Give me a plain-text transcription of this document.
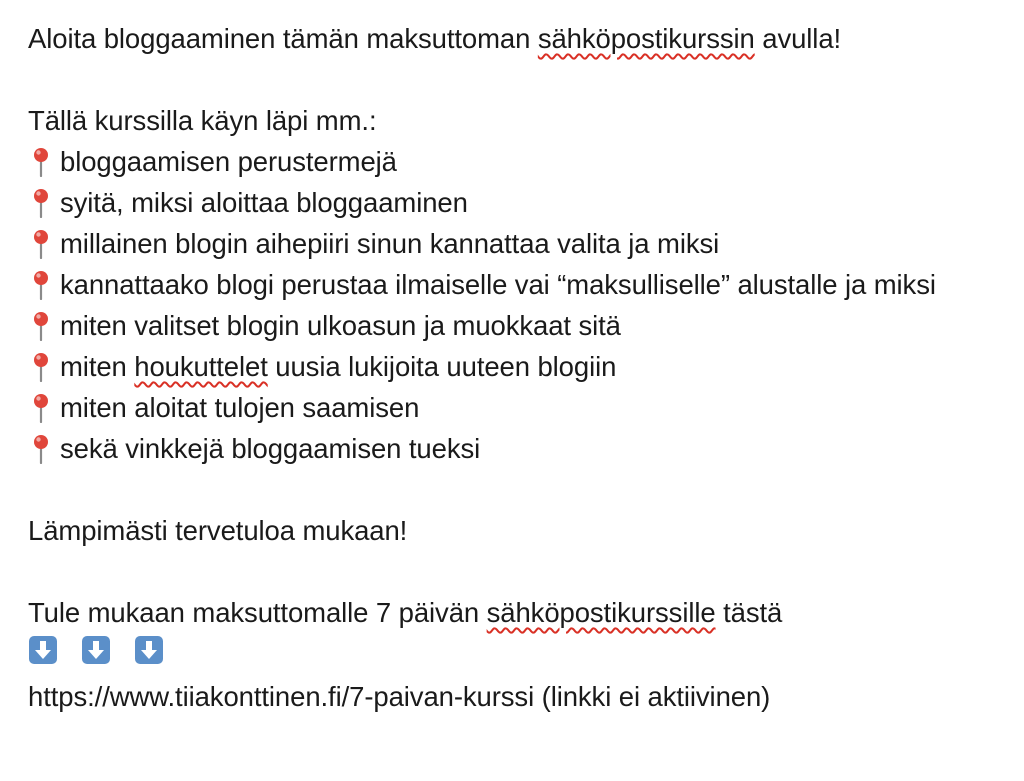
Aloita bloggaaminen tämän maksuttoman sähköpostikurssin avulla!
Tällä kurssilla käyn läpi mm.:
bloggaamisen perustermejä
syitä, miksi aloittaa bloggaaminen
millainen blogin aihepiiri sinun kannattaa valita ja miksi
kannattaako blogi perustaa ilmaiselle vai “maksulliselle” alustalle ja miksi
miten valitset blogin ulkoasun ja muokkaat sitä
miten houkuttelet uusia lukijoita uuteen blogiin
miten aloitat tulojen saamisen
sekä vinkkejä bloggaamisen tueksi
Lämpimästi tervetuloa mukaan!
Tule mukaan maksuttomalle 7 päivän sähköpostikurssille tästä
https://www.tiiakonttinen.fi/7-paivan-kurssi (linkki ei aktiivinen)
